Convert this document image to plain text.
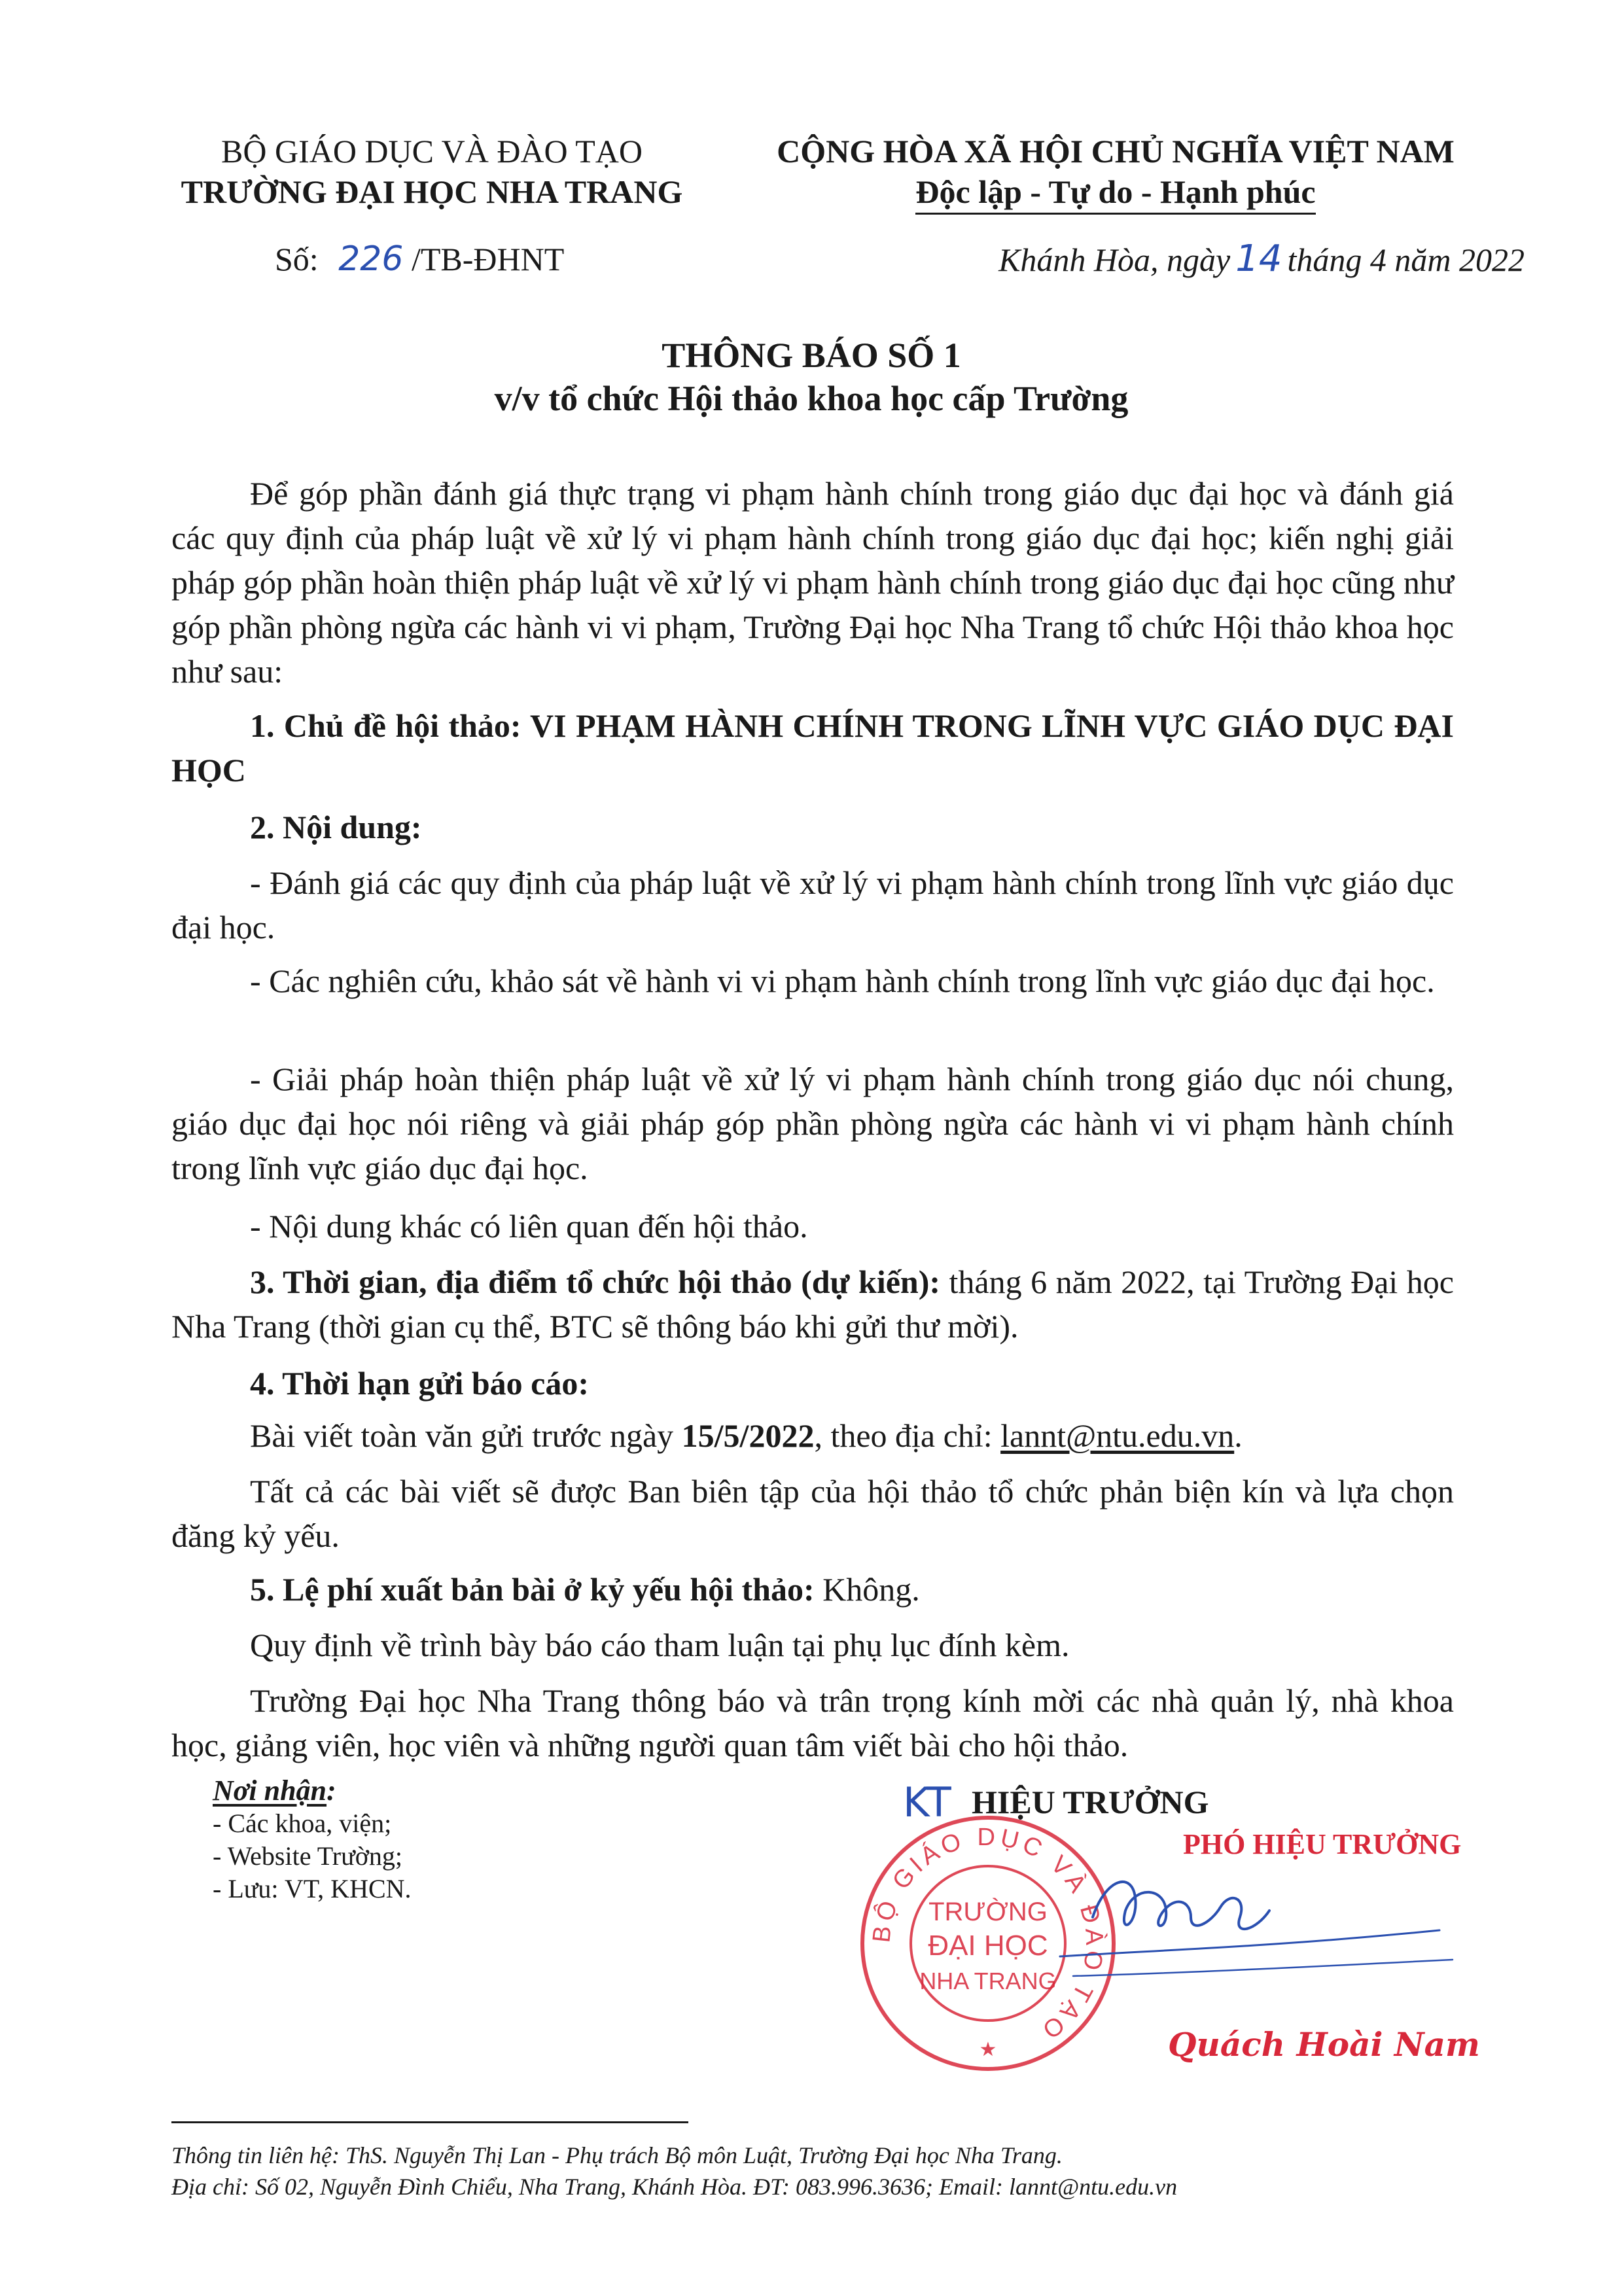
BỘ GIÁO DỤC VÀ ĐÀO TẠO
TRƯỜNG ĐẠI HỌC NHA TRANG
CỘNG HÒA XÃ HỘI CHỦ NGHĨA VIỆT NAM
Độc lập - Tự do - Hạnh phúc
Số: 226 /TB-ĐHNT	Khánh Hòa, ngày 14 tháng 4 năm 2022
THÔNG BÁO SỐ 1
v/v tổ chức Hội thảo khoa học cấp Trường
Để góp phần đánh giá thực trạng vi phạm hành chính trong giáo dục đại học và đánh giá các quy định của pháp luật về xử lý vi phạm hành chính trong giáo dục đại học; kiến nghị giải pháp góp phần hoàn thiện pháp luật về xử lý vi phạm hành chính trong giáo dục đại học cũng như góp phần phòng ngừa các hành vi vi phạm, Trường Đại học Nha Trang tổ chức Hội thảo khoa học như sau:
1. Chủ đề hội thảo: VI PHẠM HÀNH CHÍNH TRONG LĨNH VỰC GIÁO DỤC ĐẠI HỌC
2. Nội dung:
- Đánh giá các quy định của pháp luật về xử lý vi phạm hành chính trong lĩnh vực giáo dục đại học.
- Các nghiên cứu, khảo sát về hành vi vi phạm hành chính trong lĩnh vực giáo dục đại học.
- Giải pháp hoàn thiện pháp luật về xử lý vi phạm hành chính trong giáo dục nói chung, giáo dục đại học nói riêng và giải pháp góp phần phòng ngừa các hành vi vi phạm hành chính trong lĩnh vực giáo dục đại học.
- Nội dung khác có liên quan đến hội thảo.
3. Thời gian, địa điểm tổ chức hội thảo (dự kiến): tháng 6 năm 2022, tại Trường Đại học Nha Trang (thời gian cụ thể, BTC sẽ thông báo khi gửi thư mời).
4. Thời hạn gửi báo cáo:
Bài viết toàn văn gửi trước ngày 15/5/2022, theo địa chỉ: lannt@ntu.edu.vn.
Tất cả các bài viết sẽ được Ban biên tập của hội thảo tổ chức phản biện kín và lựa chọn đăng kỷ yếu.
5. Lệ phí xuất bản bài ở kỷ yếu hội thảo: Không.
Quy định về trình bày báo cáo tham luận tại phụ lục đính kèm.
Trường Đại học Nha Trang thông báo và trân trọng kính mời các nhà quản lý, nhà khoa học, giảng viên, học viên và những người quan tâm viết bài cho hội thảo.
Nơi nhận:
- Các khoa, viện;
- Website Trường;
- Lưu: VT, KHCN.
KT HIỆU TRƯỞNG
PHÓ HIỆU TRƯỞNG
BỘ GIÁO DỤC VÀ ĐÀO TẠO
TRƯỜNG
ĐẠI HỌC
NHA TRANG
★	Quách Hoài Nam
Thông tin liên hệ: ThS. Nguyễn Thị Lan - Phụ trách Bộ môn Luật, Trường Đại học Nha Trang.
Địa chỉ: Số 02, Nguyễn Đình Chiểu, Nha Trang, Khánh Hòa. ĐT: 083.996.3636; Email: lannt@ntu.edu.vn
